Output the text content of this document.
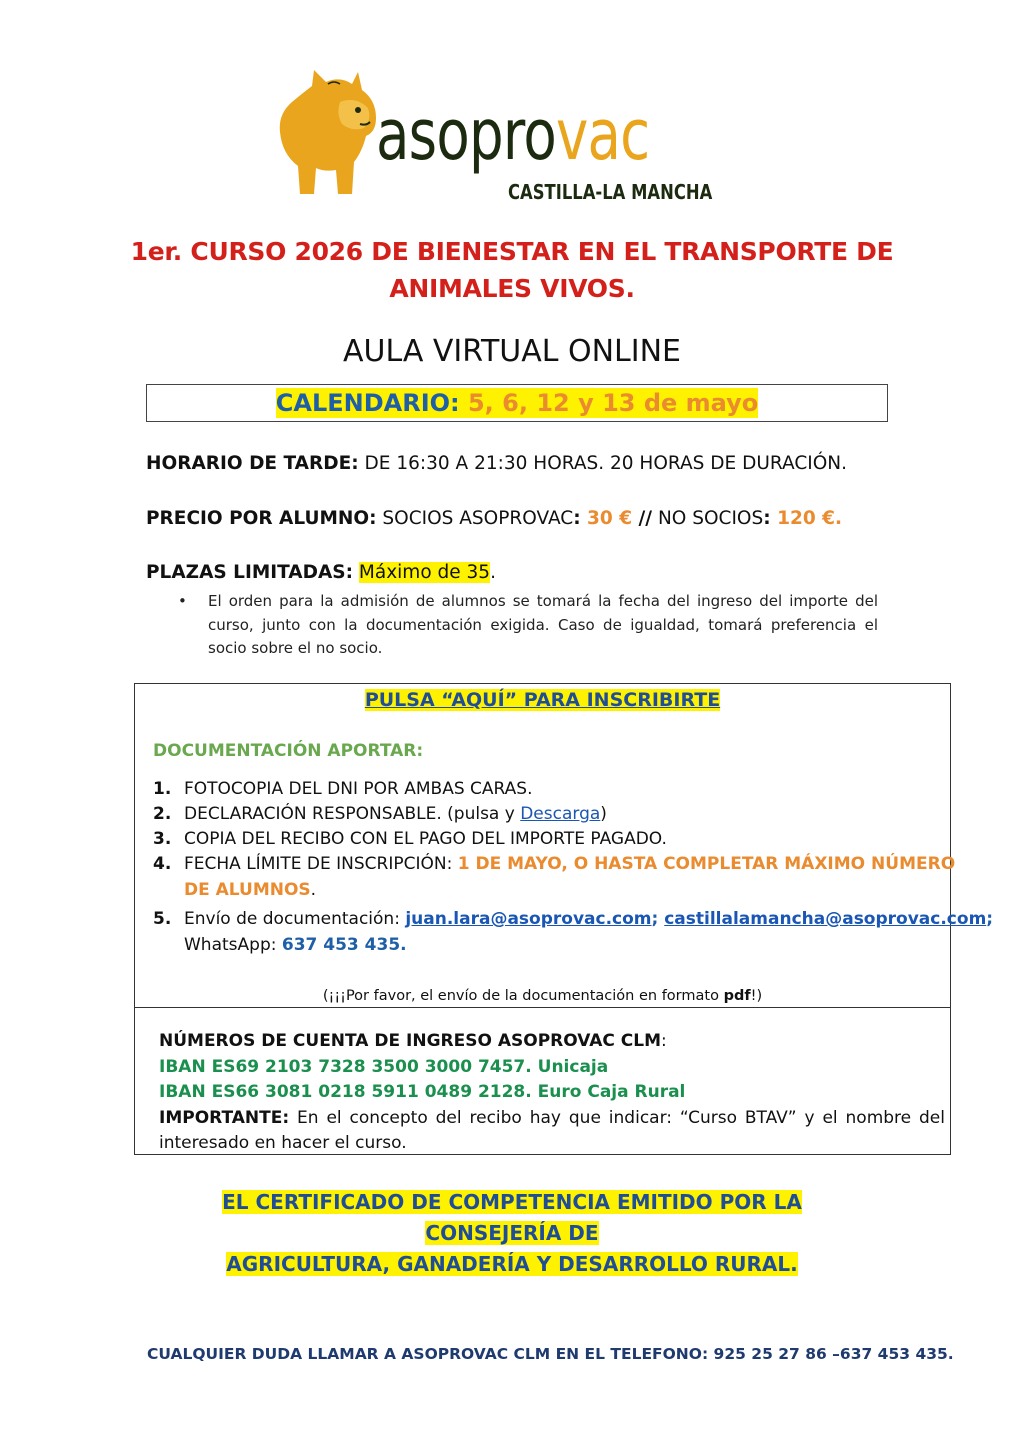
asoprovac
CASTILLA-LA MANCHA
1er. CURSO 2026 DE BIENESTAR EN EL TRANSPORTE DE
ANIMALES VIVOS.
AULA VIRTUAL ONLINE
CALENDARIO: 5, 6, 12 y 13 de mayo
HORARIO DE TARDE: DE 16:30 A 21:30 HORAS. 20 HORAS DE DURACIÓN.
PRECIO POR ALUMNO: SOCIOS ASOPROVAC: 30 € // NO SOCIOS: 120 €.
PLAZAS LIMITADAS: Máximo de 35.
• El orden para la admisión de alumnos se tomará la fecha del ingreso del importe del curso, junto con la documentación exigida. Caso de igualdad, tomará preferencia el socio sobre el no socio.
PULSA “AQUÍ” PARA INSCRIBIRTE
DOCUMENTACIÓN APORTAR:
1. FOTOCOPIA DEL DNI POR AMBAS CARAS.
2. DECLARACIÓN RESPONSABLE. (pulsa y Descarga)
3. COPIA DEL RECIBO CON EL PAGO DEL IMPORTE PAGADO.
4. FECHA LÍMITE DE INSCRIPCIÓN: 1 DE MAYO, O HASTA COMPLETAR MÁXIMO NÚMERO
DE ALUMNOS.
5. Envío de documentación: juan.lara@asoprovac.com; castillalamancha@asoprovac.com;
WhatsApp: 637 453 435.
(¡¡¡Por favor, el envío de la documentación en formato pdf!)
NÚMEROS DE CUENTA DE INGRESO ASOPROVAC CLM:
IBAN ES69 2103 7328 3500 3000 7457. Unicaja
IBAN ES66 3081 0218 5911 0489 2128. Euro Caja Rural
IMPORTANTE: En el concepto del recibo hay que indicar: “Curso BTAV” y el nombre del interesado en hacer el curso.
EL CERTIFICADO DE COMPETENCIA EMITIDO POR LA CONSEJERÍA DE
AGRICULTURA, GANADERÍA Y DESARROLLO RURAL.
CUALQUIER DUDA LLAMAR A ASOPROVAC CLM EN EL TELEFONO: 925 25 27 86 –637 453 435.
